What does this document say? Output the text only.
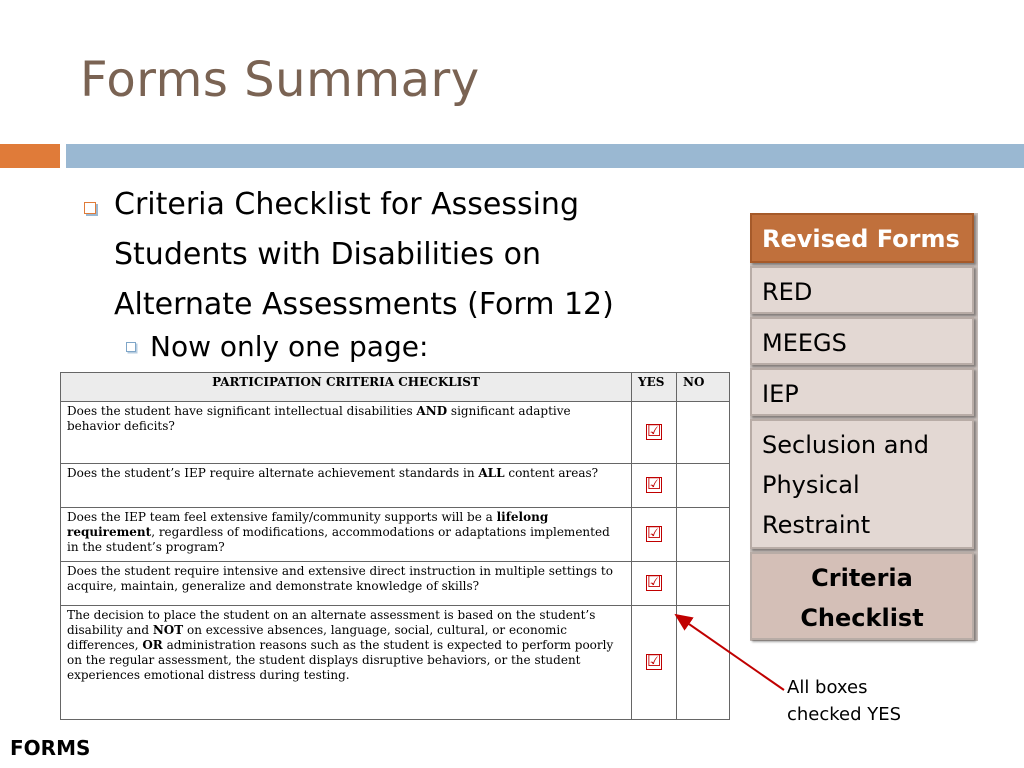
Forms Summary
Criteria Checklist for Assessing Students with Disabilities on Alternate Assessments (Form 12)
Now only one page:
PARTICIPATION CRITERIA CHECKLIST	YES	NO
Does the student have significant intellectual disabilities AND significant adaptive behavior deficits?	☑	
Does the student’s IEP require alternate achievement standards in ALL content areas?	☑	
Does the IEP team feel extensive family/community supports will be a lifelong requirement, regardless of modifications, accommodations or adaptations implemented in the student’s program?	☑	
Does the student require intensive and extensive direct instruction in multiple settings to acquire, maintain, generalize and demonstrate knowledge of skills?	☑	
The decision to place the student on an alternate assessment is based on the student’s disability and NOT on excessive absences, language, social, cultural, or economic differences, OR administration reasons such as the student is expected to perform poorly on the regular assessment, the student displays disruptive behaviors, or the student experiences emotional distress during testing.	☑	
Revised Forms
RED
MEEGS
IEP
Seclusion and Physical Restraint
Criteria Checklist
All boxes checked YES
FORMS
